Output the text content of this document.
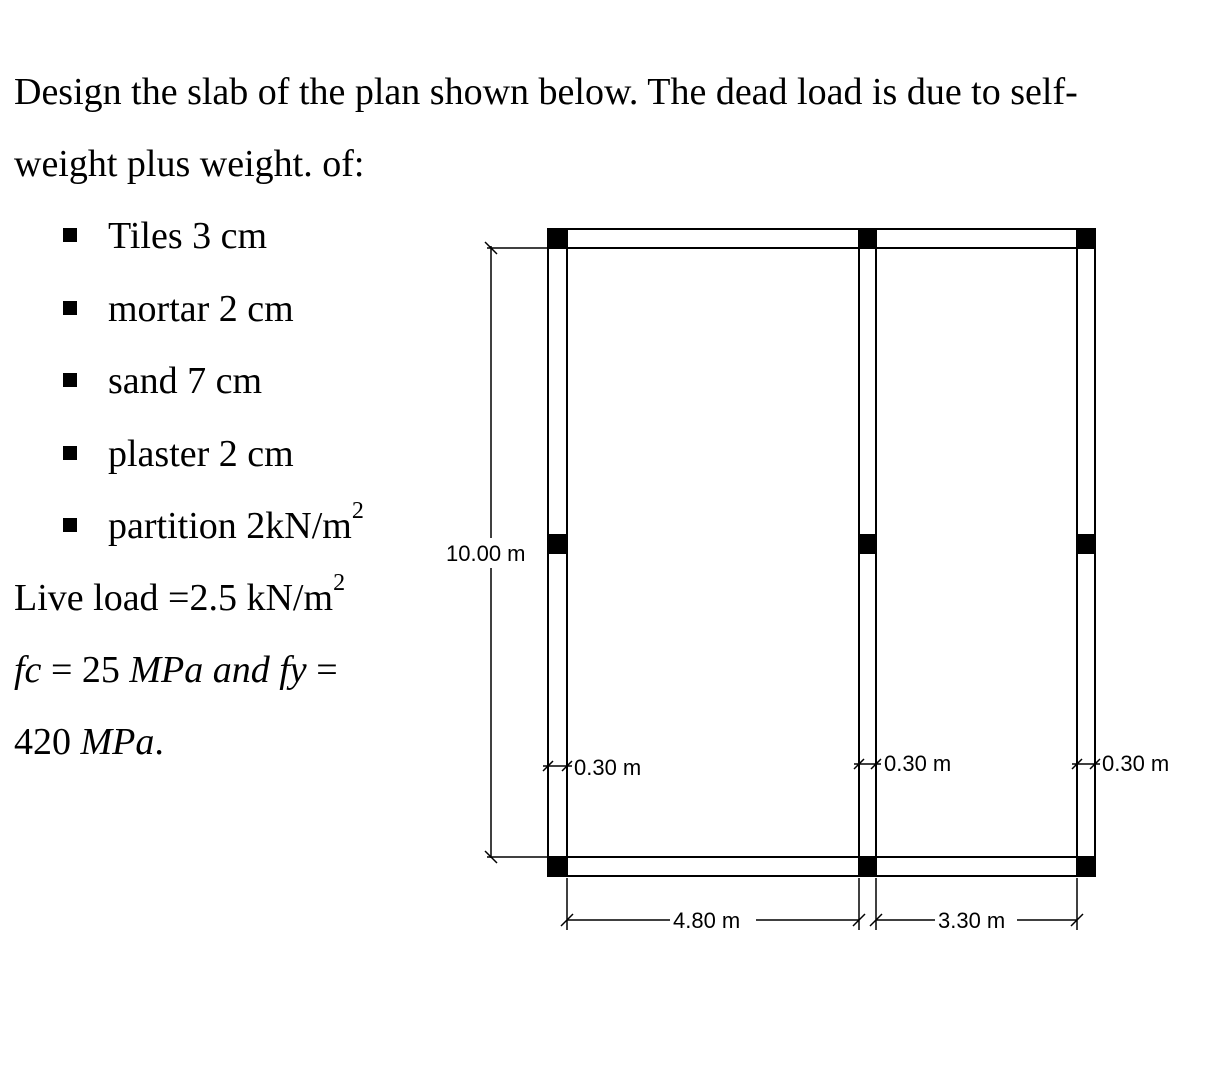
Design the slab of the plan shown below. The dead load is due to self-
weight plus weight. of:
Tiles 3 cm
mortar 2 cm
sand 7 cm
plaster 2 cm
partition $2kN/m^2$
Live load =2.5 $kN/m^2$
fc = 25 MPa and fy =
420 MPa.
10.00 m
4.80 m	3.30 m
0.30 m	0.30 m	0.30 m
